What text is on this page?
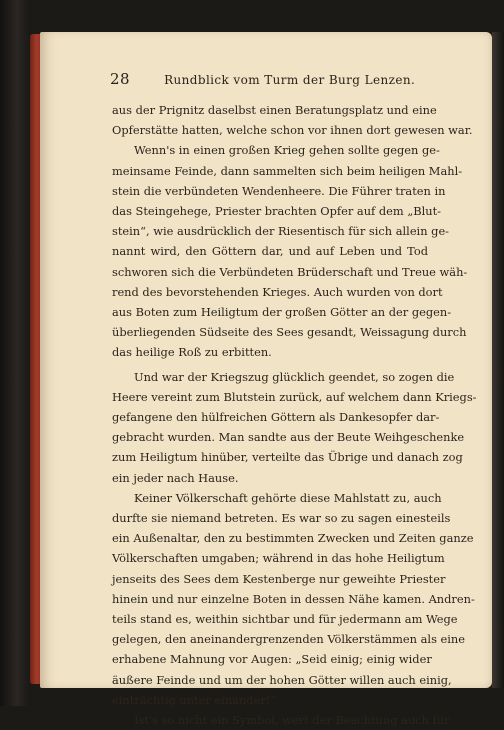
28	Rundblick vom Turm der Burg Lenzen.

aus der Prignitz daselbst einen Beratungsplatz und eine
Opferstätte hatten, welche schon vor ihnen dort gewesen war.

Wenn's in einen großen Krieg gehen sollte gegen ge-
meinsame Feinde, dann sammelten sich beim heiligen Mahl-
stein die verbündeten Wendenheere. Die Führer traten in
das Steingehege, Priester brachten Opfer auf dem „Blut-
stein“, wie ausdrücklich der Riesentisch für sich allein ge-
nannt wird, den Göttern dar, und auf Leben und Tod
schworen sich die Verbündeten Brüderschaft und Treue wäh-
rend des bevorstehenden Krieges. Auch wurden von dort
aus Boten zum Heiligtum der großen Götter an der gegen-
überliegenden Südseite des Sees gesandt, Weissagung durch
das heilige Roß zu erbitten.

Und war der Kriegszug glücklich geendet, so zogen die
Heere vereint zum Blutstein zurück, auf welchem dann Kriegs-
gefangene den hülfreichen Göttern als Dankesopfer dar-
gebracht wurden. Man sandte aus der Beute Weihgeschenke
zum Heiligtum hinüber, verteilte das Übrige und danach zog
ein jeder nach Hause.

Keiner Völkerschaft gehörte diese Mahlstatt zu, auch
durfte sie niemand betreten. Es war so zu sagen einesteils
ein Außenaltar, den zu bestimmten Zwecken und Zeiten ganze
Völkerschaften umgaben; während in das hohe Heiligtum
jenseits des Sees dem Kestenberge nur geweihte Priester
hinein und nur einzelne Boten in dessen Nähe kamen. Andren-
teils stand es, weithin sichtbar und für jedermann am Wege
gelegen, den aneinandergrenzenden Völkerstämmen als eine
erhabene Mahnung vor Augen: „Seid einig; einig wider
äußere Feinde und um der hohen Götter willen auch einig,
einträchtig unter einander!“

Ist's so nicht ein Symbol, wert der Beachtung auch für
